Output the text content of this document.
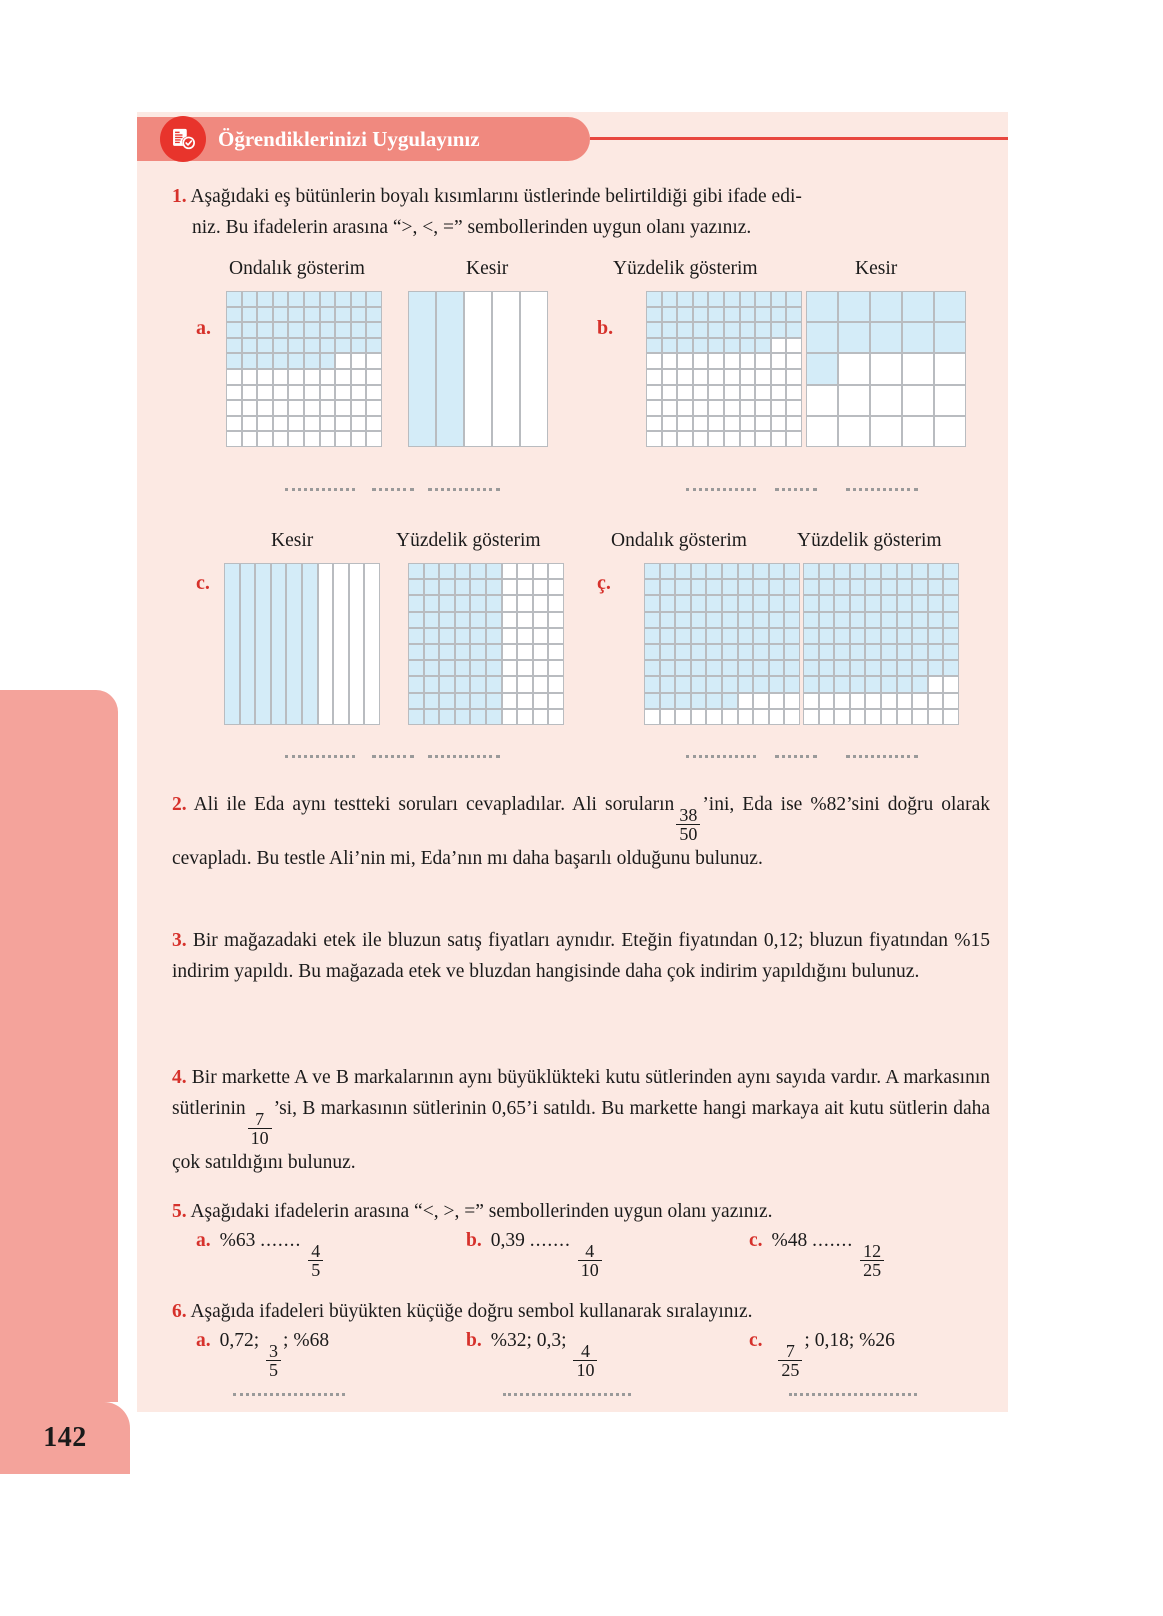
142
Öğrendiklerinizi Uygulayınız
1. Aşağıdaki eş bütünlerin boyalı kısımlarını üstlerinde belirtildiği gibi ifade edi-
niz. Bu ifadelerin arasına “>, <, =” sembollerinden uygun olanı yazınız.
Ondalık gösterim	Kesir	Yüzdelik gösterim	Kesir
a.	b.
Kesir	Yüzdelik gösterim	Ondalık gösterim	Yüzdelik gösterim
c.	ç.
2. Ali ile Eda aynı testteki soruları cevapladılar. Ali soruların
$\frac{38}{50}$
’ini, Eda ise %82’sini doğru olarak cevapladı. Bu testle Ali’nin mi, Eda’nın mı daha başarılı olduğunu bulunuz.
3. Bir mağazadaki etek ile bluzun satış fiyatları aynıdır. Eteğin fiyatından 0,12; bluzun fiyatından %15 indirim yapıldı. Bu mağazada etek ve bluzdan hangisinde daha çok indirim yapıldığını bulunuz.
4. Bir markette A ve B markalarının aynı büyüklükteki kutu sütlerinden aynı sayıda vardır. A markasının sütlerinin
$\frac{7}{10}$
’si, B markasının sütlerinin 0,65’i satıldı. Bu markette hangi markaya ait kutu sütlerin daha çok satıldığını bulunuz.
5. Aşağıdaki ifadelerin arasına “<, >, =” sembollerinden uygun olanı yazınız.
a. %63 .......
$\frac{4}{5}$
b. 0,39 .......
$\frac{4}{10}$
c. %48 .......
$\frac{12}{25}$
6. Aşağıda ifadeleri büyükten küçüğe doğru sembol kullanarak sıralayınız.
a. 0,72;
$\frac{3}{5}$
; %68	b. %32; 0,3;
$\frac{4}{10}$
c.
$\frac{7}{25}$
; 0,18; %26
